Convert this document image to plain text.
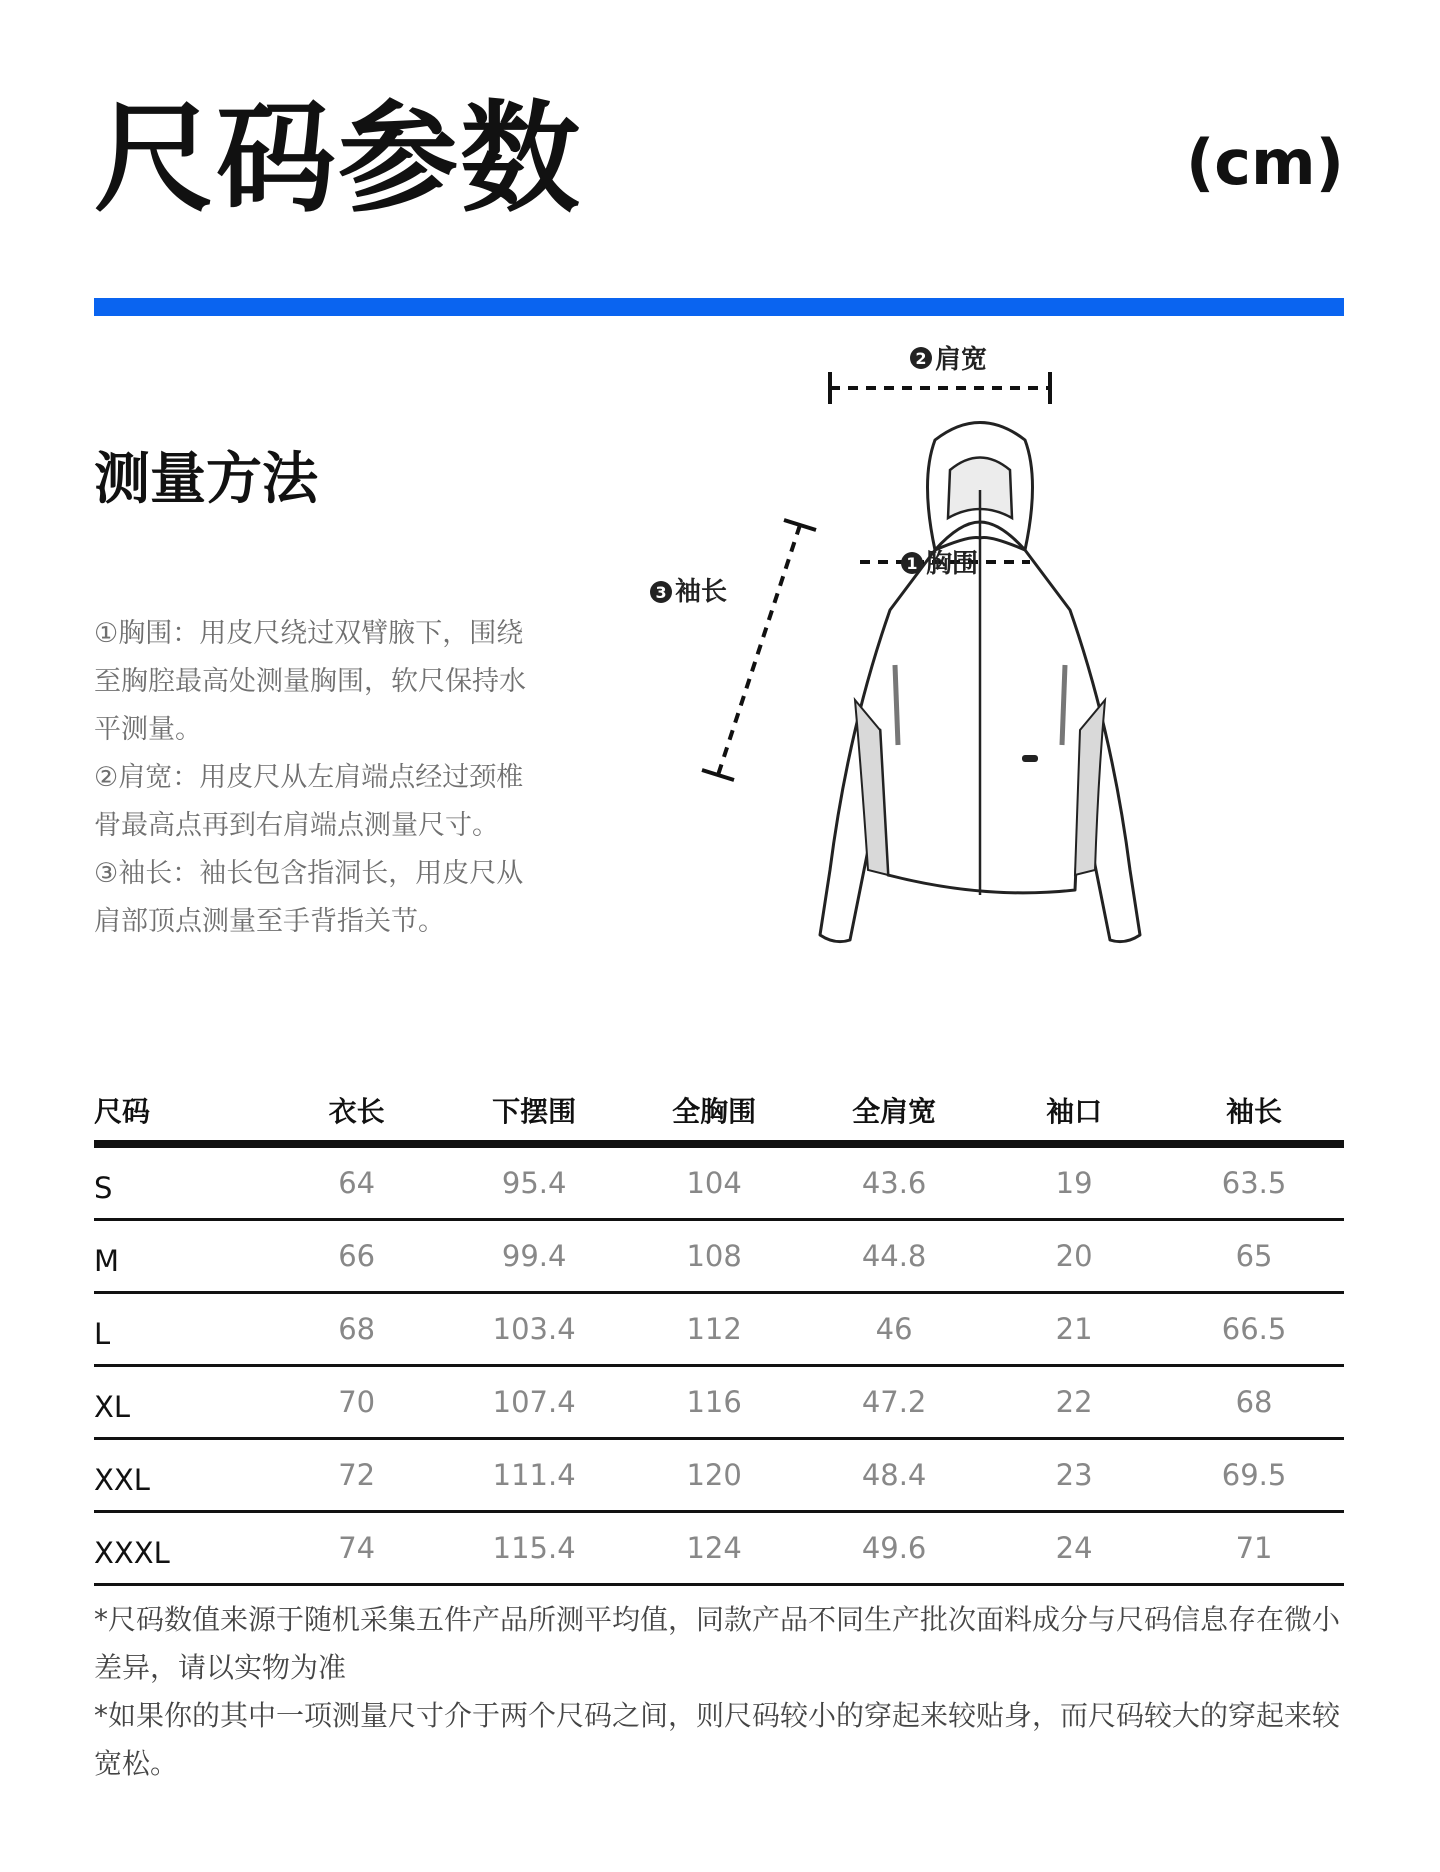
尺码参数	(cm)
测量方法

①胸围：用皮尺绕过双臂腋下，围绕至胸腔最高处测量胸围，软尺保持水平测量。

②肩宽：用皮尺从左肩端点经过颈椎骨最高点再到右肩端点测量尺寸。

③袖长：袖长包含指洞长，用皮尺从肩部顶点测量至手背指关节。

2 肩宽
1 胸围
3 袖长
尺码	衣长	下摆围	全胸围	全肩宽	袖口	袖长
S	64	95.4	104	43.6	19	63.5
M	66	99.4	108	44.8	20	65
L	68	103.4	112	46	21	66.5
XL	70	107.4	116	47.2	22	68
XXL	72	111.4	120	48.4	23	69.5
XXXL	74	115.4	124	49.6	24	71

*尺码数值来源于随机采集五件产品所测平均值，同款产品不同生产批次面料成分与尺码信息存在微小差异，请以实物为准

*如果你的其中一项测量尺寸介于两个尺码之间，则尺码较小的穿起来较贴身，而尺码较大的穿起来较宽松。
